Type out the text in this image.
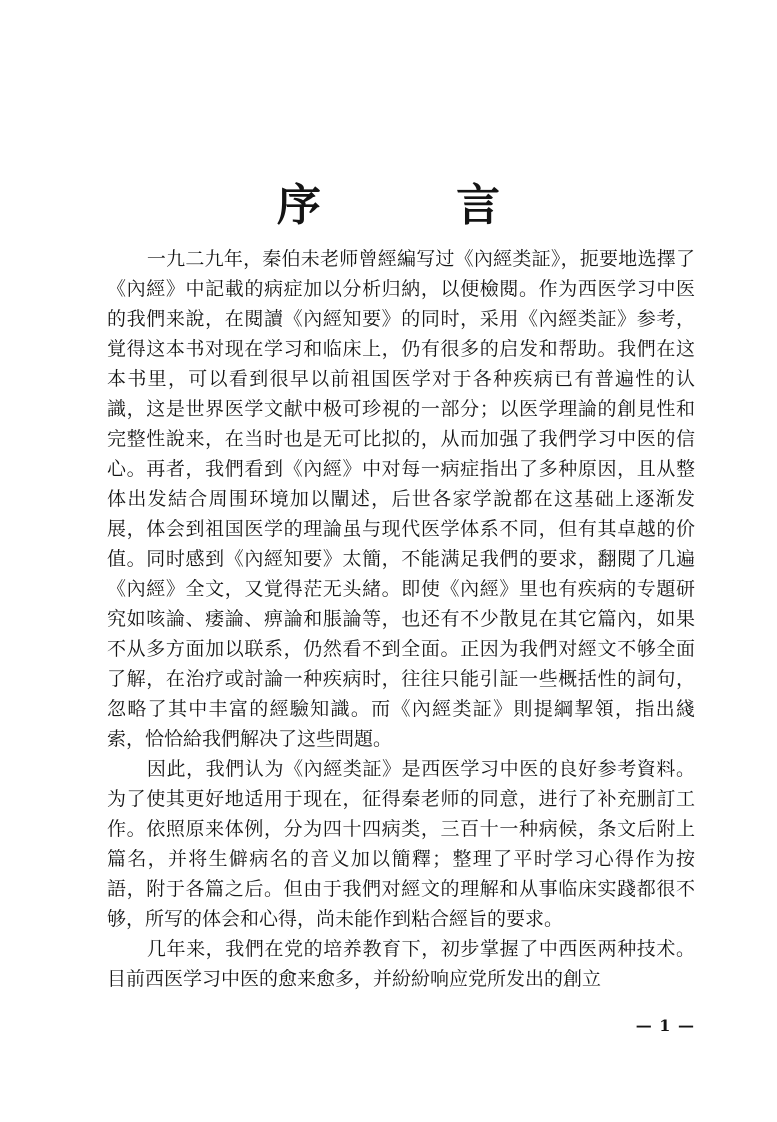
序 言

一九二九年，秦伯未老师曾經編写过《內經类証》，扼要地选擇了《內經》中記載的病症加以分析归納，以便檢閱。作为西医学习中医的我們来說，在閱讀《內經知要》的同时，采用《內經类証》参考，覚得这本书对现在学习和临床上，仍有很多的启发和帮助。我們在这本书里，可以看到很早以前祖国医学对于各种疾病已有普遍性的认識，这是世界医学文献中极可珍視的一部分；以医学理論的創見性和完整性說来，在当时也是无可比拟的，从而加强了我們学习中医的信心。再者，我們看到《內經》中对每一病症指出了多种原因，且从整体出发結合周围环境加以闡述，后世各家学說都在这基础上逐渐发展，体会到祖国医学的理論虽与现代医学体系不同，但有其卓越的价值。同时感到《內經知要》太簡，不能满足我們的要求，翻閱了几遍《內經》全文，又覚得茫无头緒。即使《內經》里也有疾病的专題研究如咳論、痿論、痹論和脹論等，也还有不少散見在其它篇內，如果不从多方面加以联系，仍然看不到全面。正因为我們对經文不够全面了解，在治疗或討論一种疾病时，往往只能引証一些概括性的詞句，忽略了其中丰富的經驗知識。而《內經类証》則提綱挈領，指出綫索，恰恰給我們解决了这些問題。

因此，我們认为《內經类証》是西医学习中医的良好参考資料。为了使其更好地适用于现在，征得秦老师的同意，进行了补充删訂工作。依照原来体例，分为四十四病类，三百十一种病候，条文后附上篇名，并将生僻病名的音义加以簡釋；整理了平时学习心得作为按語，附于各篇之后。但由于我們对經文的理解和从事临床实踐都很不够，所写的体会和心得，尚未能作到粘合經旨的要求。

几年来，我們在党的培养教育下，初步掌握了中西医两种技术。目前西医学习中医的愈来愈多，并紛紛响应党所发出的創立

— 1 —
